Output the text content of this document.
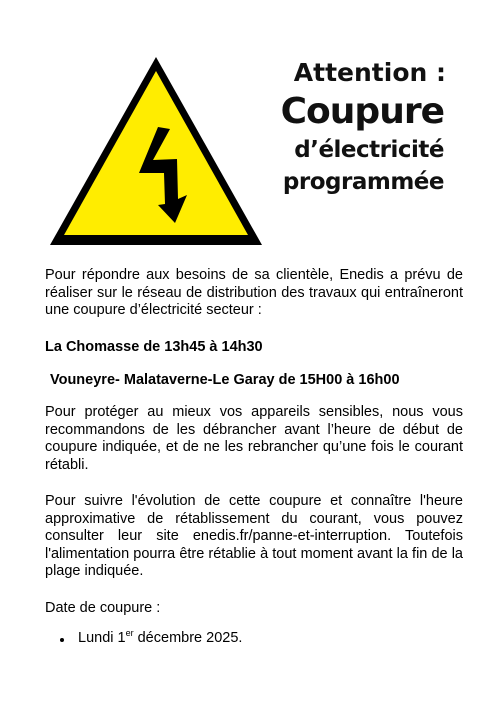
Attention :
Coupure
d’électricité
programmée

Pour répondre aux besoins de sa clientèle, Enedis a prévu de réaliser sur le réseau de distribution des travaux qui entraîneront une coupure d’électricité secteur :

La Chomasse de 13h45 à 14h30
Vouneyre- Malataverne-Le Garay de 15H00 à 16h00

Pour protéger au mieux vos appareils sensibles, nous vous recommandons de les débrancher avant l’heure de début de coupure indiquée, et de ne les rebrancher qu’une fois le courant rétabli.

Pour suivre l'évolution de cette coupure et connaître l'heure approximative de rétablissement du courant, vous pouvez consulter leur site enedis.fr/panne-et-interruption. Toutefois l'alimentation pourra être rétablie à tout moment avant la fin de la plage indiquée.

Date de coupure :
Lundi 1er décembre 2025.
